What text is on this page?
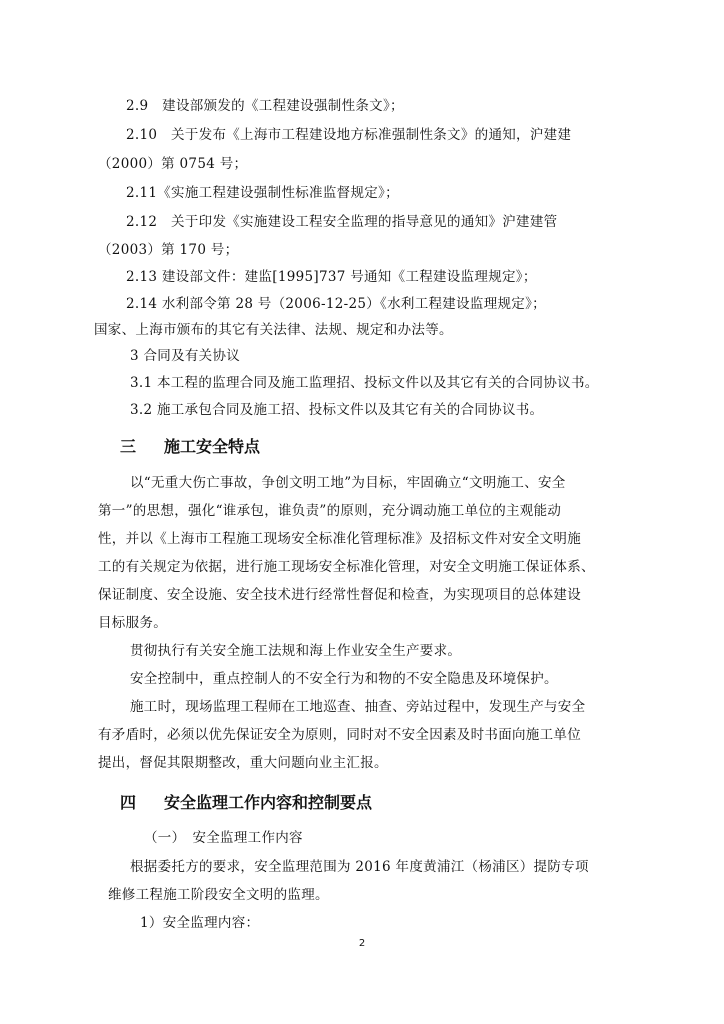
2.9　建设部颁发的《工程建设强制性条文》；
2.10　关于发布《上海市工程建设地方标准强制性条文》的通知，沪建建
（2000）第 0754 号；
2.11《实施工程建设强制性标准监督规定》；
2.12　关于印发《实施建设工程安全监理的指导意见的通知》沪建建管
（2003）第 170 号；
2.13 建设部文件：建监[1995]737 号通知《工程建设监理规定》；
2.14 水利部令第 28 号（2006-12-25）《水利工程建设监理规定》；
国家、上海市颁布的其它有关法律、法规、规定和办法等。
3 合同及有关协议
3.1 本工程的监理合同及施工监理招、投标文件以及其它有关的合同协议书。
3.2 施工承包合同及施工招、投标文件以及其它有关的合同协议书。
三 施工安全特点
以“无重大伤亡事故，争创文明工地”为目标，牢固确立“文明施工、安全
第一”的思想，强化“谁承包，谁负责”的原则，充分调动施工单位的主观能动
性，并以《上海市工程施工现场安全标准化管理标准》及招标文件对安全文明施
工的有关规定为依据，进行施工现场安全标准化管理，对安全文明施工保证体系、
保证制度、安全设施、安全技术进行经常性督促和检查，为实现项目的总体建设
目标服务。
贯彻执行有关安全施工法规和海上作业安全生产要求。
安全控制中，重点控制人的不安全行为和物的不安全隐患及环境保护。
施工时，现场监理工程师在工地巡查、抽查、旁站过程中，发现生产与安全
有矛盾时，必须以优先保证安全为原则，同时对不安全因素及时书面向施工单位
提出，督促其限期整改，重大问题向业主汇报。
四 安全监理工作内容和控制要点
（一）　安全监理工作内容
根据委托方的要求，安全监理范围为 2016 年度黄浦江（杨浦区）提防专项
维修工程施工阶段安全文明的监理。
1）安全监理内容：
2
